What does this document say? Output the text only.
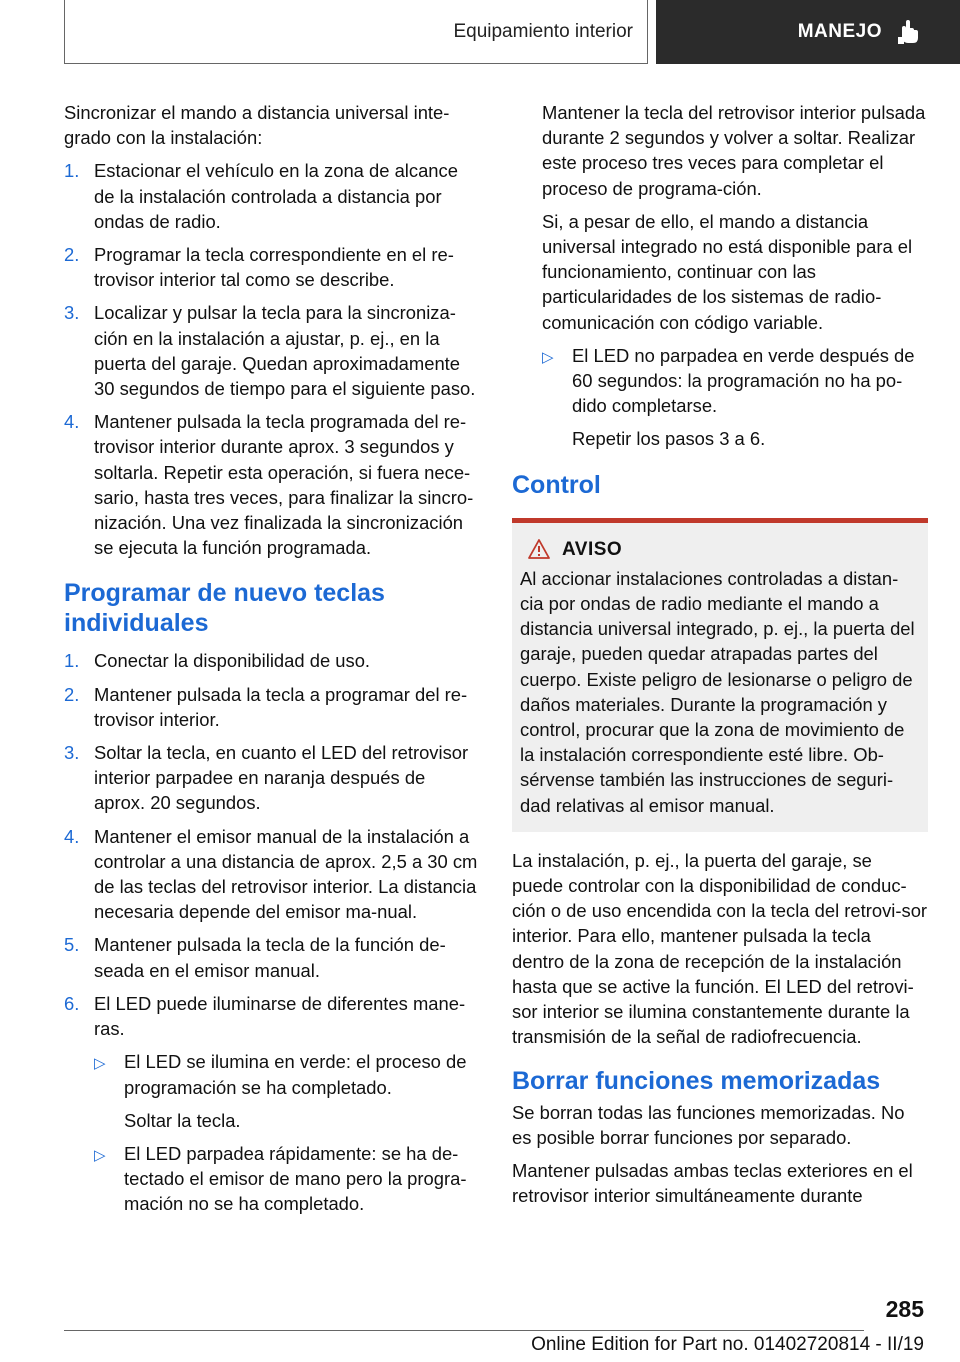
Equipamiento interior	MANEJO

Sincronizar el mando a distancia universal inte-grado con la instalación:

1. Estacionar el vehículo en la zona de alcance de la instalación controlada a distancia por ondas de radio.
2. Programar la tecla correspondiente en el re-trovisor interior tal como se describe.
3. Localizar y pulsar la tecla para la sincroniza-ción en la instalación a ajustar, p. ej., en la puerta del garaje. Quedan aproximadamente 30 segundos de tiempo para el siguiente paso.
4. Mantener pulsada la tecla programada del re-trovisor interior durante aprox. 3 segundos y soltarla. Repetir esta operación, si fuera nece-sario, hasta tres veces, para finalizar la sincro-nización. Una vez finalizada la sincronización se ejecuta la función programada.
Programar de nuevo teclas individuales
1. Conectar la disponibilidad de uso.
2. Mantener pulsada la tecla a programar del re-trovisor interior.
3. Soltar la tecla, en cuanto el LED del retrovisor interior parpadee en naranja después de aprox. 20 segundos.
4. Mantener el emisor manual de la instalación a controlar a una distancia de aprox. 2,5 a 30 cm de las teclas del retrovisor interior. La distancia necesaria depende del emisor ma-nual.
5. Mantener pulsada la tecla de la función de-seada en el emisor manual.
6. El LED puede iluminarse de diferentes mane-ras.
▷ El LED se ilumina en verde: el proceso de programación se ha completado.

Soltar la tecla.

▷ El LED parpadea rápidamente: se ha de-tectado el emisor de mano pero la progra-mación no se ha completado.

Mantener la tecla del retrovisor interior pulsada durante 2 segundos y volver a soltar. Realizar este proceso tres veces para completar el proceso de programa-ción.

Si, a pesar de ello, el mando a distancia universal integrado no está disponible para el funcionamiento, continuar con las particularidades de los sistemas de radio-comunicación con código variable.

▷ El LED no parpadea en verde después de 60 segundos: la programación no ha po-dido completarse.

Repetir los pasos 3 a 6.

Control
AVISO

Al accionar instalaciones controladas a distan-cia por ondas de radio mediante el mando a distancia universal integrado, p. ej., la puerta del garaje, pueden quedar atrapadas partes del cuerpo. Existe peligro de lesionarse o peligro de daños materiales. Durante la programación y control, procurar que la zona de movimiento de la instalación correspondiente esté libre. Ob-sérvense también las instrucciones de seguri-dad relativas al emisor manual.

La instalación, p. ej., la puerta del garaje, se puede controlar con la disponibilidad de conduc-ción o de uso encendida con la tecla del retrovi-sor interior. Para ello, mantener pulsada la tecla dentro de la zona de recepción de la instalación hasta que se active la función. El LED del retrovi-sor interior se ilumina constantemente durante la transmisión de la señal de radiofrecuencia.

Borrar funciones memorizadas

Se borran todas las funciones memorizadas. No es posible borrar funciones por separado.

Mantener pulsadas ambas teclas exteriores en el retrovisor interior simultáneamente durante

285
Online Edition for Part no. 01402720814 - II/19
